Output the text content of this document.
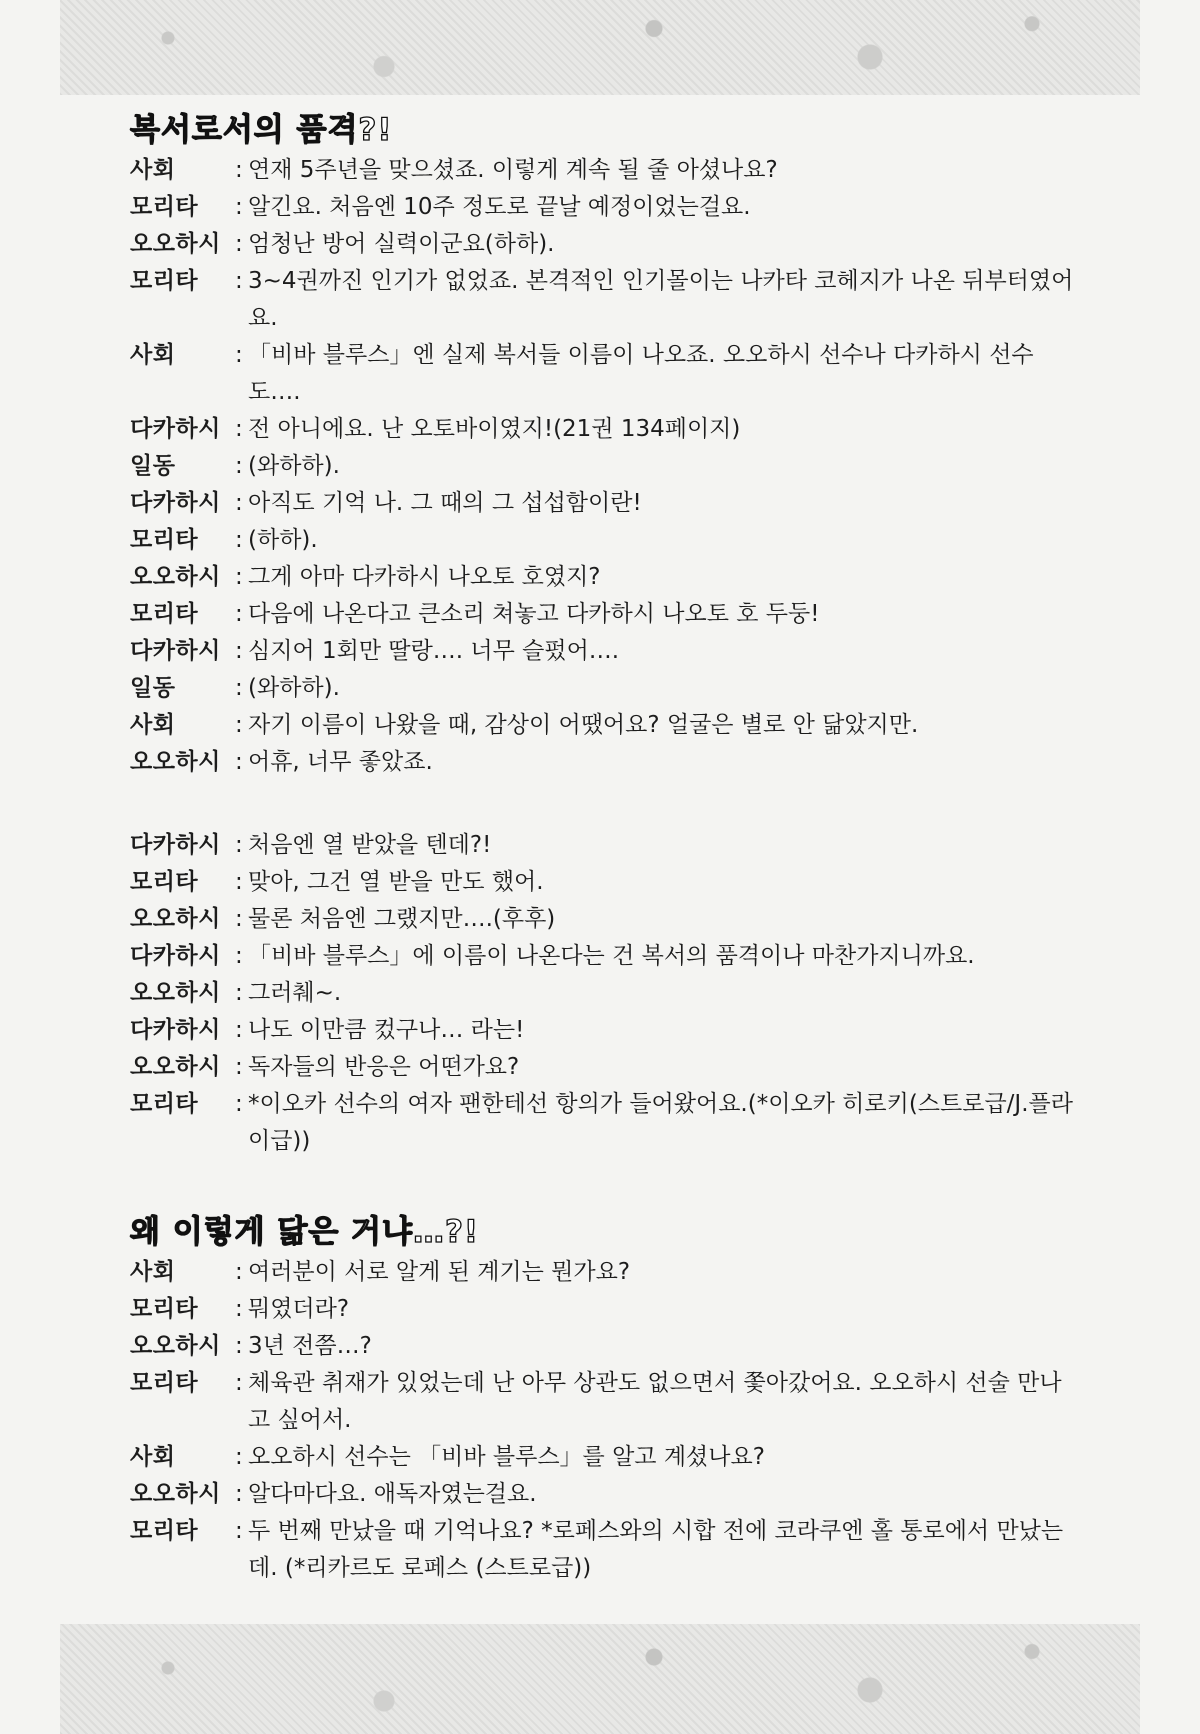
복서로서의 품격?!
사회	: 연재 5주년을 맞으셨죠. 이렇게 계속 될 줄 아셨나요?
모리타	: 알긴요. 처음엔 10주 정도로 끝날 예정이었는걸요.
오오하시 : 엄청난 방어 실력이군요(하하).
모리타	: 3~4권까진 인기가 없었죠. 본격적인 인기몰이는 나카타 코헤지가 나온 뒤부터였어요.
사회	: 「비바 블루스」엔 실제 복서들 이름이 나오죠. 오오하시 선수나 다카하시 선수도….
다카하시 : 전 아니에요. 난 오토바이였지!(21권 134페이지)
일동	: (와하하).
다카하시 : 아직도 기억 나. 그 때의 그 섭섭함이란!
모리타	: (하하).
오오하시 : 그게 아마 다카하시 나오토 호였지?
모리타	: 다음에 나온다고 큰소리 쳐놓고 다카하시 나오토 호 두둥!
다카하시 : 심지어 1회만 딸랑…. 너무 슬펐어….
일동	: (와하하).
사회	: 자기 이름이 나왔을 때, 감상이 어땠어요? 얼굴은 별로 안 닮았지만.
오오하시 : 어휴, 너무 좋았죠.
다카하시 : 처음엔 열 받았을 텐데?!
모리타	: 맞아, 그건 열 받을 만도 했어.
오오하시 : 물론 처음엔 그랬지만….(후후)
다카하시 : 「비바 블루스」에 이름이 나온다는 건 복서의 품격이나 마찬가지니까요.
오오하시 : 그러췌~.
다카하시 : 나도 이만큼 컸구나… 라는!
오오하시 : 독자들의 반응은 어떤가요?
모리타	: *이오카 선수의 여자 팬한테선 항의가 들어왔어요.(*이오카 히로키(스트로급/J.플라이급))
왜 이렇게 닮은 거냐…?!
사회	: 여러분이 서로 알게 된 계기는 뭔가요?
모리타	: 뭐였더라?
오오하시 : 3년 전쯤…?
모리타	: 체육관 취재가 있었는데 난 아무 상관도 없으면서 쫓아갔어요. 오오하시 선술 만나고 싶어서.
사회	: 오오하시 선수는 「비바 블루스」를 알고 계셨나요?
오오하시 : 알다마다요. 애독자였는걸요.
모리타	: 두 번째 만났을 때 기억나요? *로페스와의 시합 전에 코라쿠엔 홀 통로에서 만났는데. (*리카르도 로페스 (스트로급))
